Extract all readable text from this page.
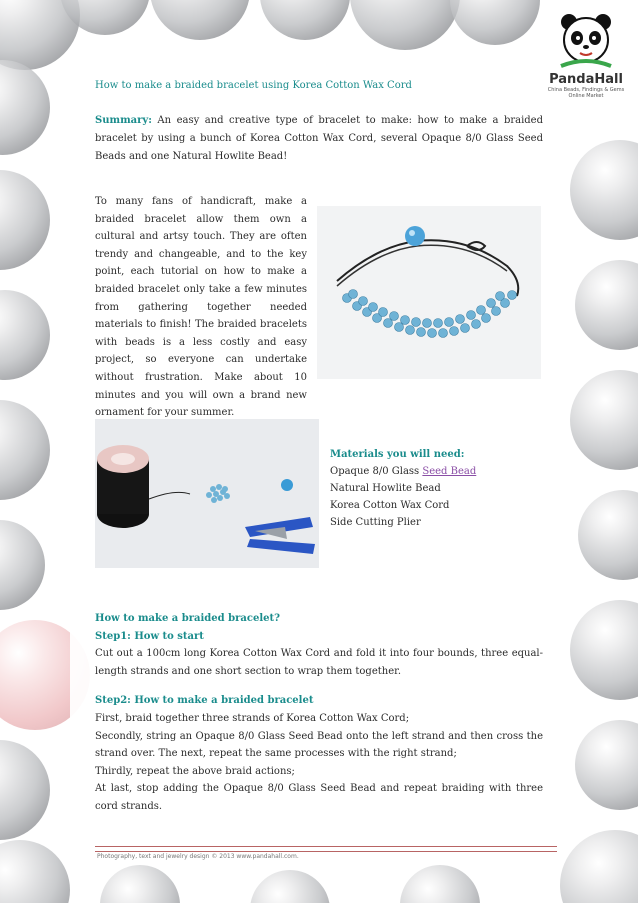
PandaHall
China Beads, Findings & Gems
Online Market
How to make a braided bracelet using Korea Cotton Wax Cord
Summary: An easy and creative type of bracelet to make: how to make a braided bracelet by using a bunch of Korea Cotton Wax Cord, several Opaque 8/0 Glass Seed Beads and one Natural Howlite Bead!
To many fans of handicraft, make a braided bracelet allow them own a cultural and artsy touch. They are often trendy and changeable, and to the key point, each tutorial on how to make a braided bracelet only take a few minutes from gathering together needed materials to finish! The braided bracelets with beads is a less costly and easy project, so everyone can undertake without frustration. Make about 10 minutes and you will own a brand new ornament for your summer.
Materials you will need:
Opaque 8/0 Glass Seed Bead
Natural Howlite Bead
Korea Cotton Wax Cord
Side Cutting Plier
How to make a braided bracelet?
Step1: How to start
Cut out a 100cm long Korea Cotton Wax Cord and fold it into four bounds, three equal-length strands and one short section to wrap them together.
Step2: How to make a braided bracelet
First, braid together three strands of Korea Cotton Wax Cord;
Secondly, string an Opaque 8/0 Glass Seed Bead onto the left strand and then cross the strand over. The next, repeat the same processes with the right strand;
Thirdly, repeat the above braid actions;
At last, stop adding the Opaque 8/0 Glass Seed Bead and repeat braiding with three cord strands.
Photography, text and jewelry design © 2013 www.pandahall.com.
